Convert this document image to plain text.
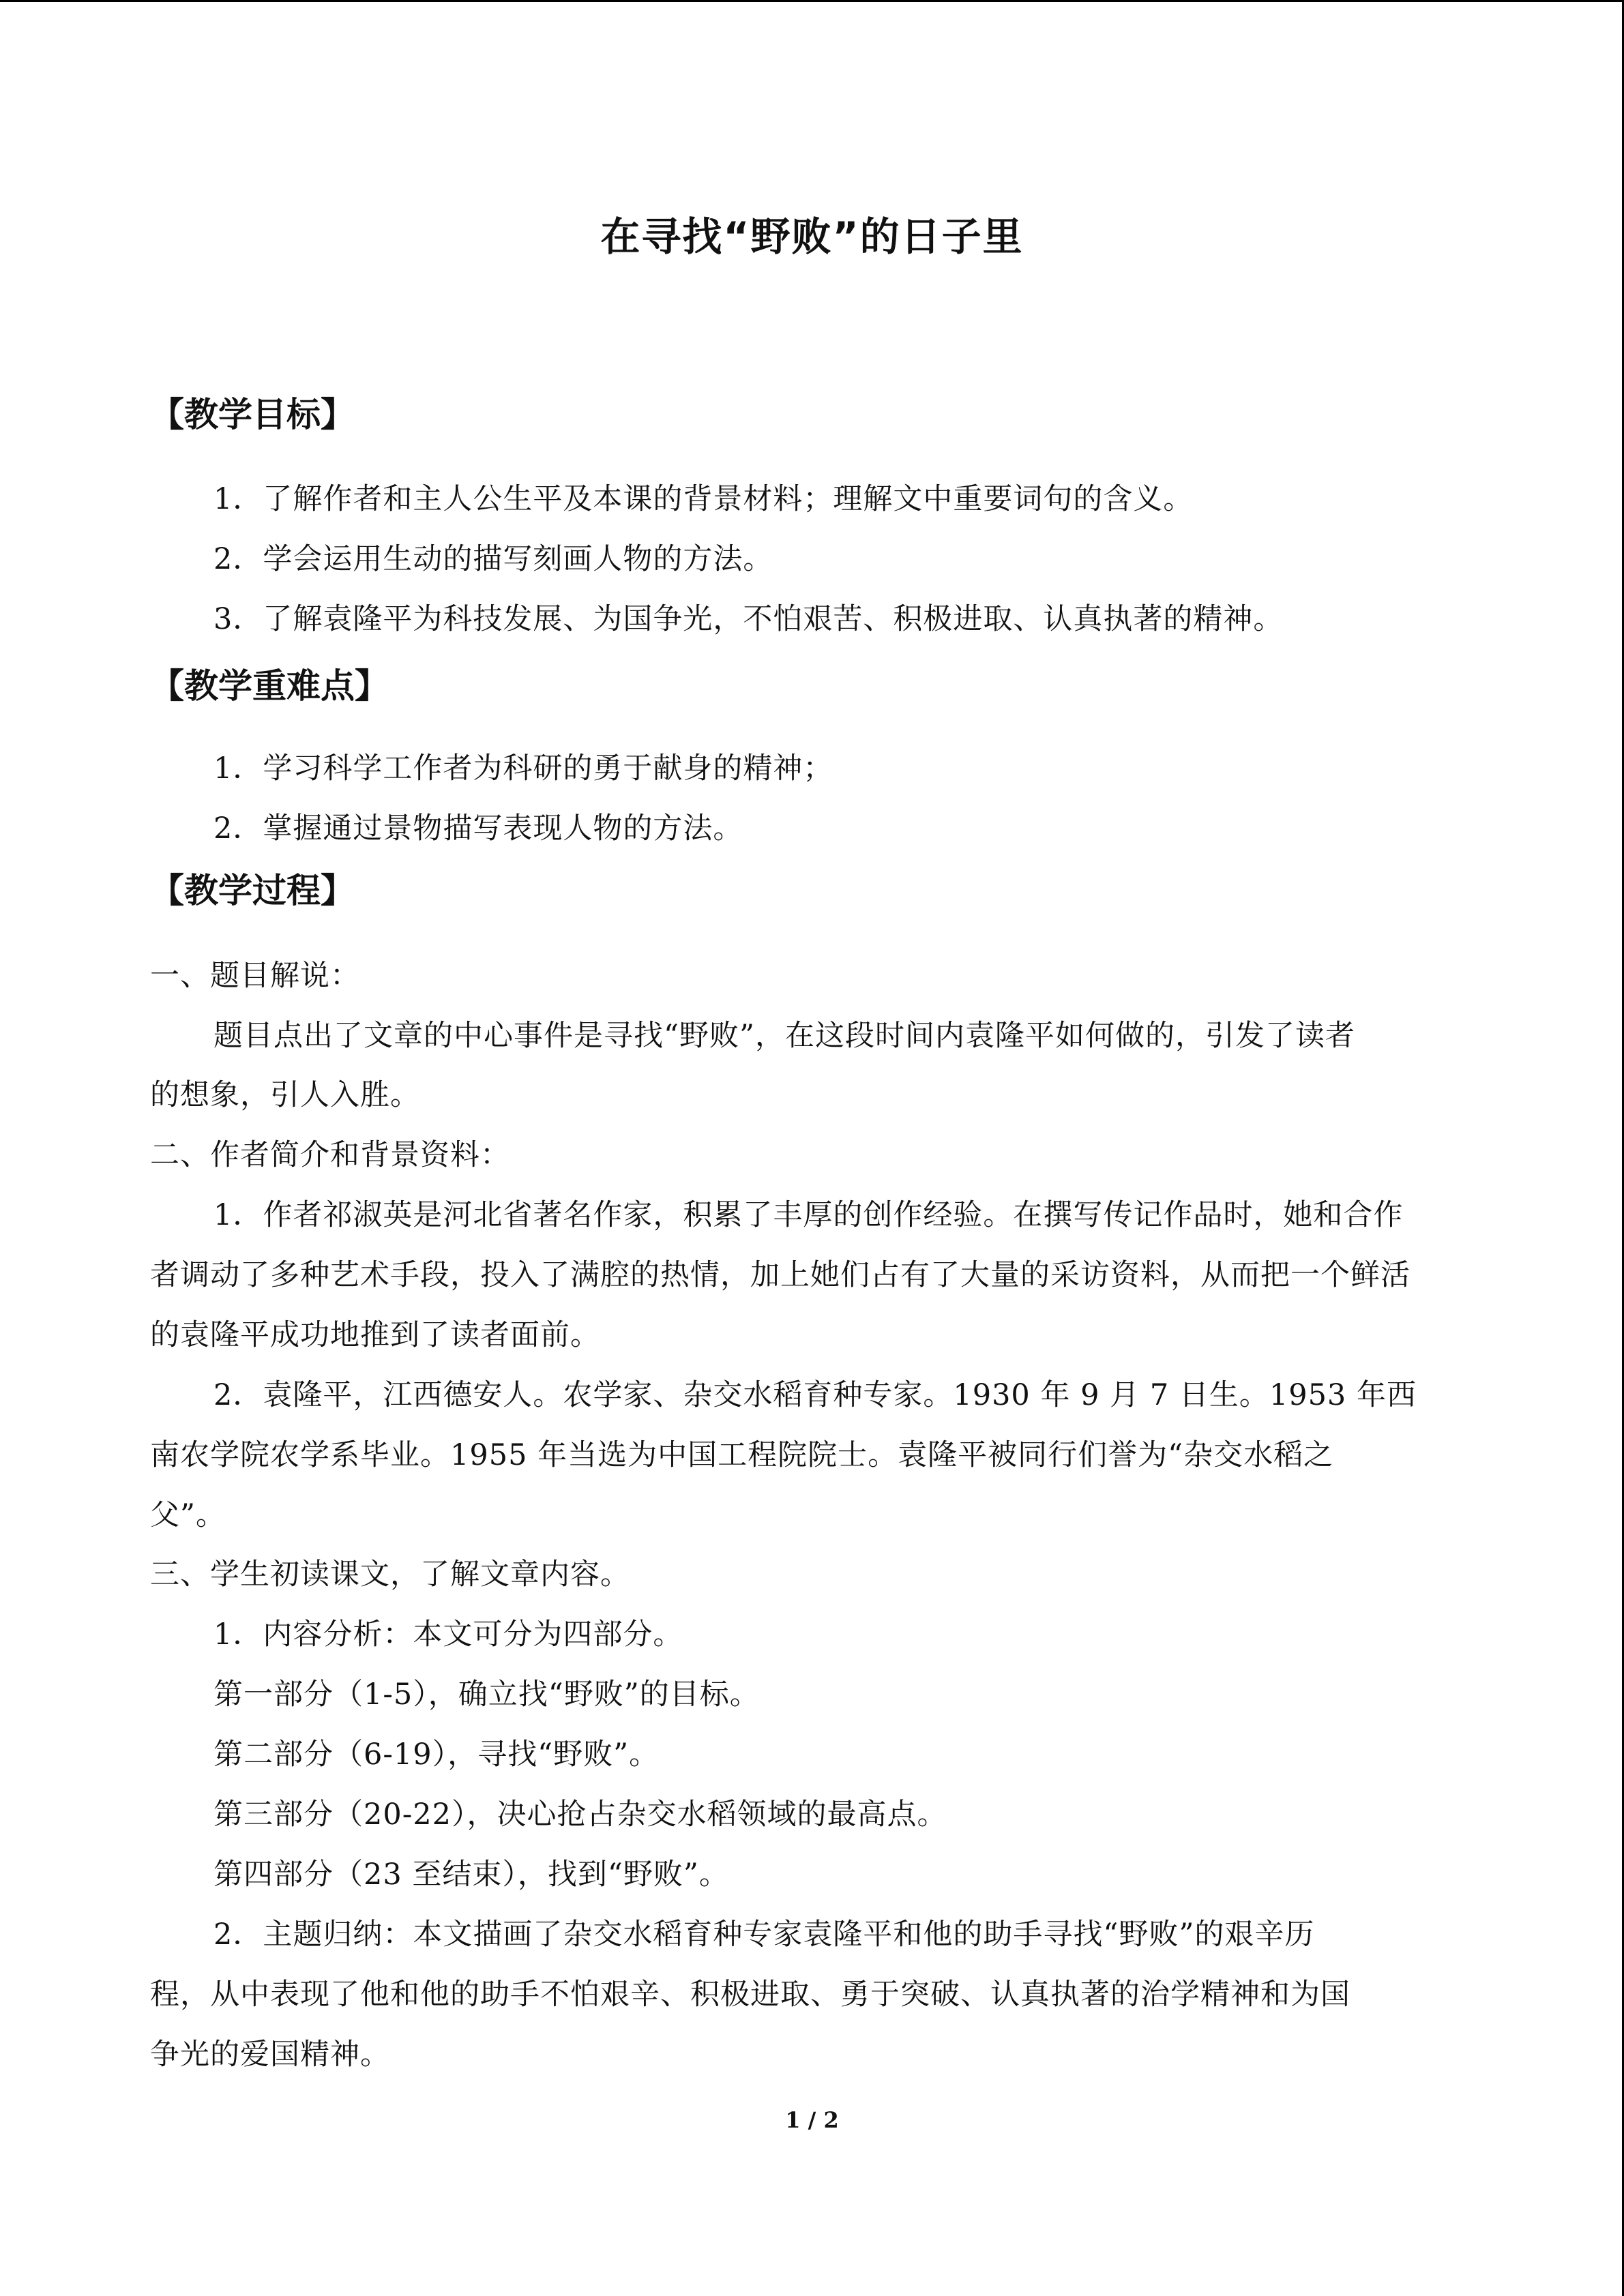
在寻找“野败”的日子里
【教学目标】
1．了解作者和主人公生平及本课的背景材料；理解文中重要词句的含义。
2．学会运用生动的描写刻画人物的方法。
3．了解袁隆平为科技发展、为国争光，不怕艰苦、积极进取、认真执著的精神。
【教学重难点】
1．学习科学工作者为科研的勇于献身的精神；
2．掌握通过景物描写表现人物的方法。
【教学过程】
一、题目解说：
题目点出了文章的中心事件是寻找“野败”，在这段时间内袁隆平如何做的，引发了读者
的想象，引人入胜。
二、作者简介和背景资料：
1．作者祁淑英是河北省著名作家，积累了丰厚的创作经验。在撰写传记作品时，她和合作
者调动了多种艺术手段，投入了满腔的热情，加上她们占有了大量的采访资料，从而把一个鲜活
的袁隆平成功地推到了读者面前。
2．袁隆平，江西德安人。农学家、杂交水稻育种专家。1930 年 9 月 7 日生。1953 年西
南农学院农学系毕业。1955 年当选为中国工程院院士。袁隆平被同行们誉为“杂交水稻之
父”。
三、学生初读课文，了解文章内容。
1．内容分析：本文可分为四部分。
第一部分（1-5），确立找“野败”的目标。
第二部分（6-19），寻找“野败”。
第三部分（20-22），决心抢占杂交水稻领域的最高点。
第四部分（23 至结束），找到“野败”。
2．主题归纳：本文描画了杂交水稻育种专家袁隆平和他的助手寻找“野败”的艰辛历
程，从中表现了他和他的助手不怕艰辛、积极进取、勇于突破、认真执著的治学精神和为国
争光的爱国精神。
1 / 2
